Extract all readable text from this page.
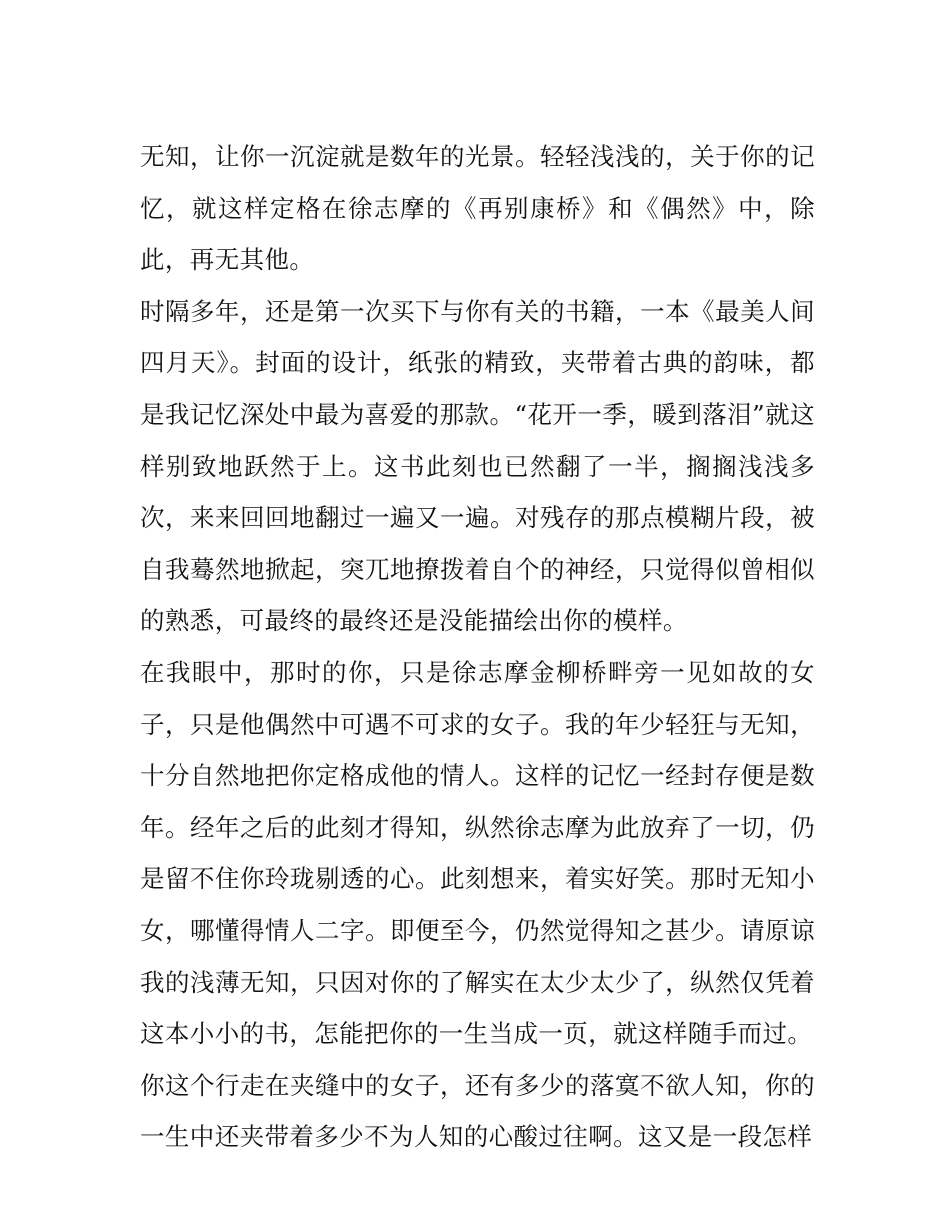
无知，让你一沉淀就是数年的光景。轻轻浅浅的，关于你的记忆，就这样定格在徐志摩的《再别康桥》和《偶然》中，除此，再无其他。

时隔多年，还是第一次买下与你有关的书籍，一本《最美人间四月天》。封面的设计，纸张的精致，夹带着古典的韵味，都是我记忆深处中最为喜爱的那款。“花开一季，暖到落泪”就这样别致地跃然于上。这书此刻也已然翻了一半，搁搁浅浅多次，来来回回地翻过一遍又一遍。对残存的那点模糊片段，被自我蓦然地掀起，突兀地撩拨着自个的神经，只觉得似曾相似的熟悉，可最终的最终还是没能描绘出你的模样。

在我眼中，那时的你，只是徐志摩金柳桥畔旁一见如故的女子，只是他偶然中可遇不可求的女子。我的年少轻狂与无知，十分自然地把你定格成他的情人。这样的记忆一经封存便是数年。经年之后的此刻才得知，纵然徐志摩为此放弃了一切，仍是留不住你玲珑剔透的心。此刻想来，着实好笑。那时无知小女，哪懂得情人二字。即便至今，仍然觉得知之甚少。请原谅我的浅薄无知，只因对你的了解实在太少太少了，纵然仅凭着这本小小的书，怎能把你的一生当成一页，就这样随手而过。

你这个行走在夹缝中的女子，还有多少的落寞不欲人知，你的一生中还夹带着多少不为人知的心酸过往啊。这又是一段怎样
